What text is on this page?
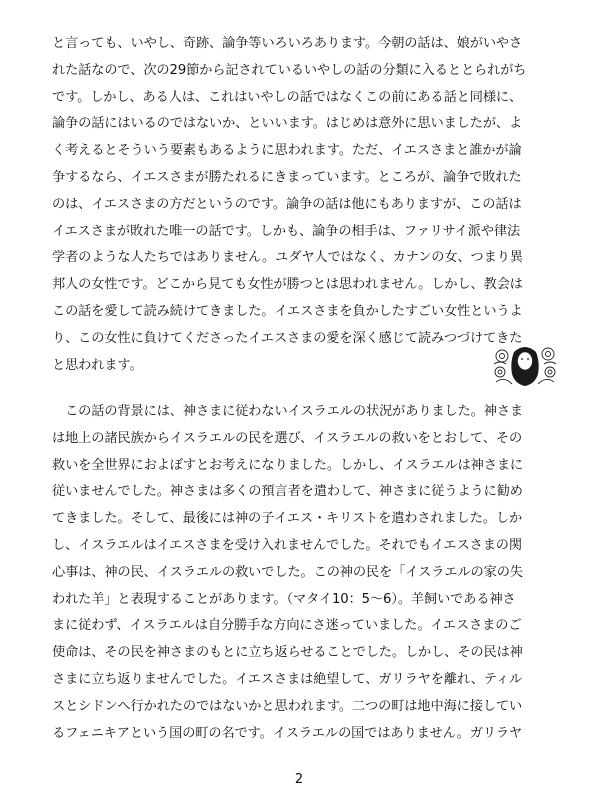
と言っても、いやし、奇跡、論争等いろいろあります。今朝の話は、娘がいやさ
れた話なので、次の29節から記されているいやしの話の分類に入るととられがち
です。しかし、ある人は、これはいやしの話ではなくこの前にある話と同様に、
論争の話にはいるのではないか、といいます。はじめは意外に思いましたが、よ
く考えるとそういう要素もあるように思われます。ただ、イエスさまと誰かが論
争するなら、イエスさまが勝たれるにきまっています。ところが、論争で敗れた
のは、イエスさまの方だというのです。論争の話は他にもありますが、この話は
イエスさまが敗れた唯一の話です。しかも、論争の相手は、ファリサイ派や律法
学者のような人たちではありません。ユダヤ人ではなく、カナンの女、つまり異
邦人の女性です。どこから見ても女性が勝つとは思われません。しかし、教会は
この話を愛して読み続けてきました。イエスさまを負かしたすごい女性というよ
り、この女性に負けてくださったイエスさまの愛を深く感じて読みつづけてきた
と思われます。
　この話の背景には、神さまに従わないイスラエルの状況がありました。神さま
は地上の諸民族からイスラエルの民を選び、イスラエルの救いをとおして、その
救いを全世界におよぼすとお考えになりました。しかし、イスラエルは神さまに
従いませんでした。神さまは多くの預言者を遣わして、神さまに従うように勧め
てきました。そして、最後には神の子イエス・キリストを遣わされました。しか
し、イスラエルはイエスさまを受け入れませんでした。それでもイエスさまの関
心事は、神の民、イスラエルの救いでした。この神の民を「イスラエルの家の失
われた羊」と表現することがあります。（マタイ10：5～6）。羊飼いである神さ
まに従わず、イスラエルは自分勝手な方向にさ迷っていました。イエスさまのご
使命は、その民を神さまのもとに立ち返らせることでした。しかし、その民は神
さまに立ち返りませんでした。イエスさまは絶望して、ガリラヤを離れ、ティル
スとシドンへ行かれたのではないかと思われます。二つの町は地中海に接してい
るフェニキアという国の町の名です。イスラエルの国ではありません。ガリラヤ
2
